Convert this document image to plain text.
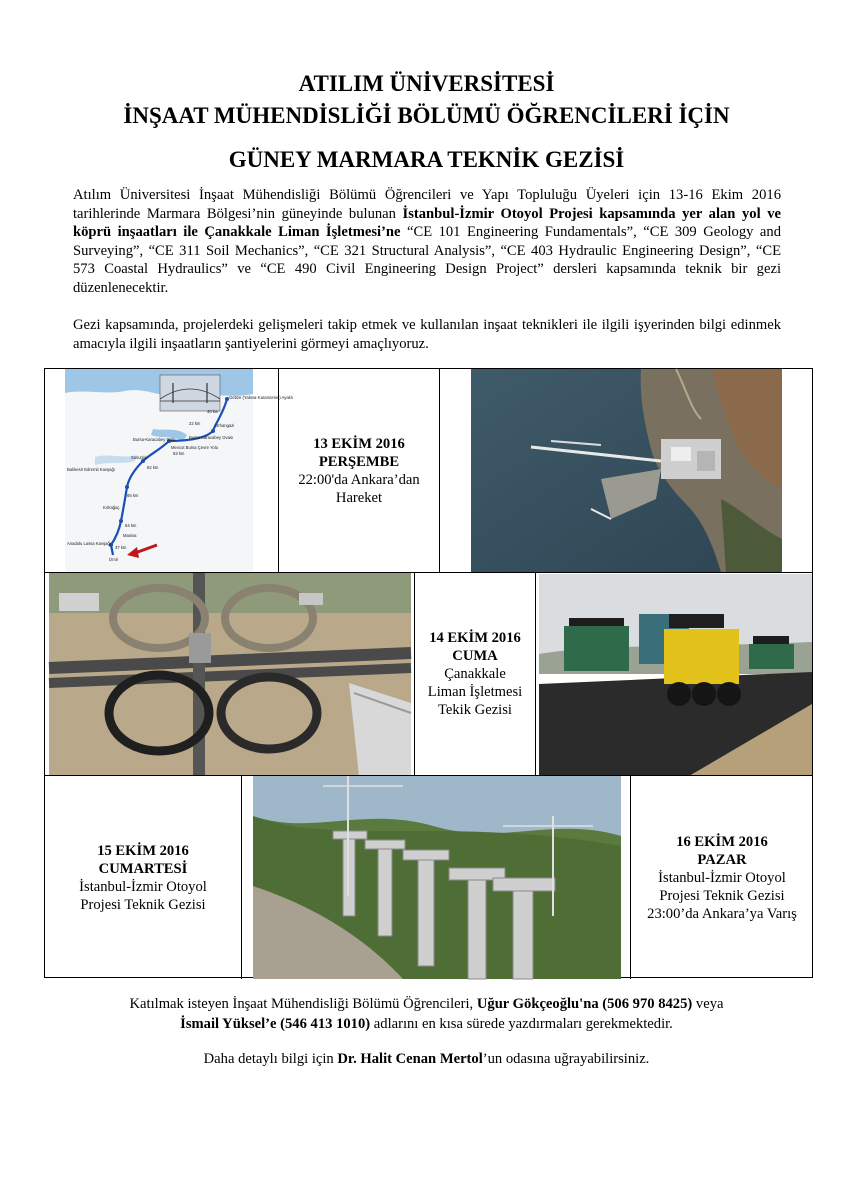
ATILIM ÜNİVERSİTESİ
İNŞAAT MÜHENDİSLİĞİ BÖLÜMÜ ÖĞRENCİLERİ İÇİN
GÜNEY MARMARA TEKNİK GEZİSİ
Atılım Üniversitesi İnşaat Mühendisliği Bölümü Öğrencileri ve Yapı Topluluğu Üyeleri için 13-16 Ekim 2016 tarihlerinde Marmara Bölgesi’nin güneyinde bulunan İstanbul-İzmir Otoyol Projesi kapsamında yer alan yol ve köprü inşaatları ile Çanakkale Liman İşletmesi’ne “CE 101 Engineering Fundamentals”, “CE 309 Geology and Surveying”, “CE 311 Soil Mechanics”, “CE 321 Structural Analysis”, “CE 403 Hydraulic Engineering Design”, “CE 573 Coastal Hydraulics” ve “CE 490 Civil Engineering Design Project” dersleri kapsamında teknik bir gezi düzenlenecektir.
Gezi kapsamında, projelerdeki gelişmeleri takip etmek ve kullanılan inşaat teknikleri ile ilgili işyerinden bilgi edinmek amacıyla ilgili inşaatların şantiyelerini görmeyi amaçlıyoruz.
Gebze (Yalova-Karamürsel) Ayaklı
Orhangazi
Bursa Karacabey Ovası
Bursa-Karacabey Gölü
Mevcut Bursa Çevre Yolu
Susurluk
Balıkesir Edremit Kavşağı
Kırkağaç
Manisa
Anadolu Lassa Kavşağı
İzmir
40 km
22 km
63 km
82 km
65 km
54 km
37 km
13 EKİM 2016
PERŞEMBE
22:00'da Ankara’dan
Hareket
14 EKİM 2016
CUMA
Çanakkale
Liman İşletmesi
Tekik Gezisi
15 EKİM 2016
CUMARTESİ
İstanbul-İzmir Otoyol
Projesi Teknik Gezisi
16 EKİM 2016
PAZAR
İstanbul-İzmir Otoyol
Projesi Teknik Gezisi
23:00’da Ankara’ya Varış
Katılmak isteyen İnşaat Mühendisliği Bölümü Öğrencileri, Uğur Gökçeoğlu'na (506 970 8425) veya
İsmail Yüksel’e (546 413 1010) adlarını en kısa sürede yazdırmaları gerekmektedir.
Daha detaylı bilgi için Dr. Halit Cenan Mertol’un odasına uğrayabilirsiniz.
